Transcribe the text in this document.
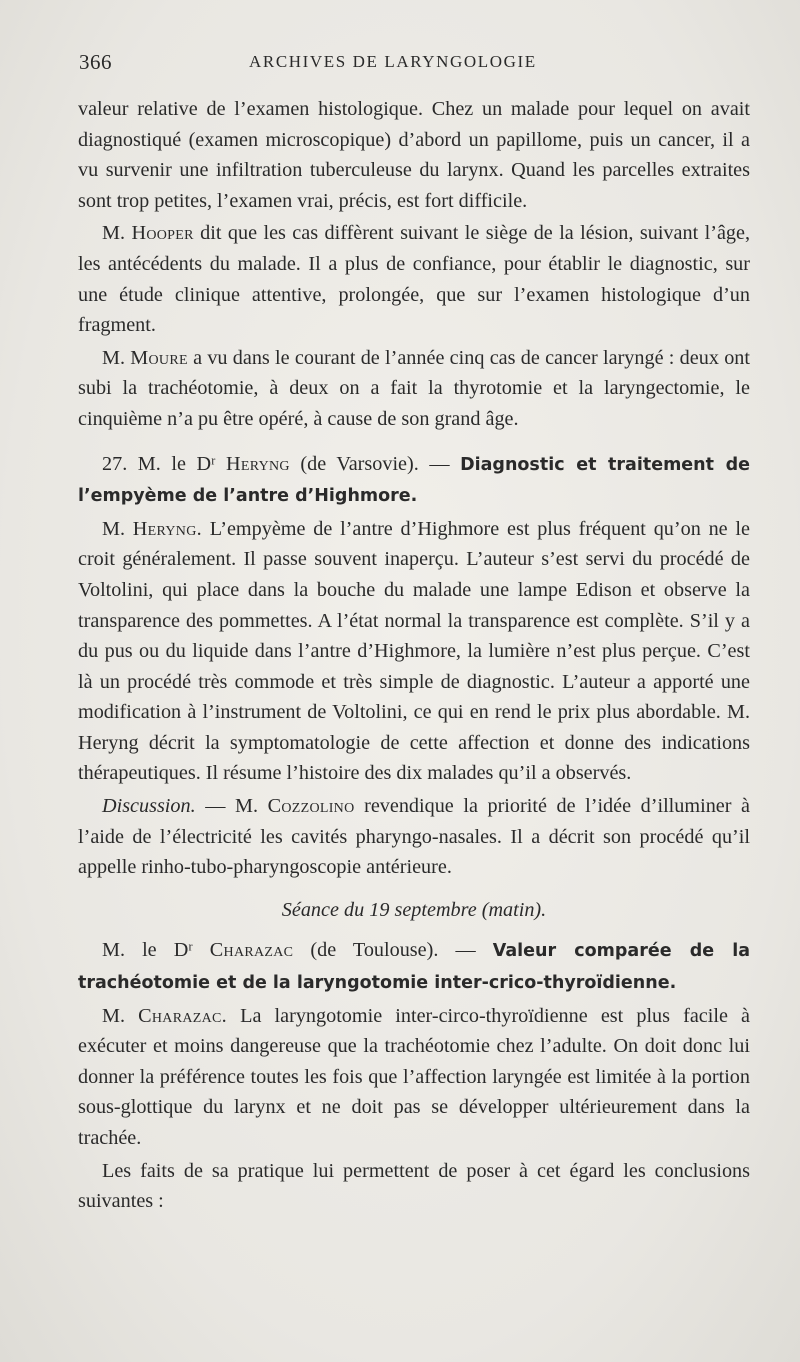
366	ARCHIVES DE LARYNGOLOGIE

valeur relative de l’examen histologique. Chez un malade pour lequel on avait diagnostiqué (examen microscopique) d’abord un papillome, puis un cancer, il a vu survenir une infiltration tuberculeuse du larynx. Quand les parcelles extraites sont trop petites, l’examen vrai, précis, est fort difficile.

M. Hooper dit que les cas diffèrent suivant le siège de la lésion, suivant l’âge, les antécédents du malade. Il a plus de confiance, pour établir le diagnostic, sur une étude clinique attentive, prolongée, que sur l’examen histologique d’un fragment.

M. Moure a vu dans le courant de l’année cinq cas de cancer laryngé : deux ont subi la trachéotomie, à deux on a fait la thyrotomie et la laryngectomie, le cinquième n’a pu être opéré, à cause de son grand âge.

27. M. le Dʳ Heryng (de Varsovie). — Diagnostic et traitement de l’empyème de l’antre d’Highmore.

M. Heryng. L’empyème de l’antre d’Highmore est plus fréquent qu’on ne le croit généralement. Il passe souvent inaperçu. L’auteur s’est servi du procédé de Voltolini, qui place dans la bouche du malade une lampe Edison et observe la transparence des pommettes. A l’état normal la transparence est complète. S’il y a du pus ou du liquide dans l’antre d’Highmore, la lumière n’est plus perçue. C’est là un procédé très commode et très simple de diagnostic. L’auteur a apporté une modification à l’instrument de Voltolini, ce qui en rend le prix plus abordable. M. Heryng décrit la symptomatologie de cette affection et donne des indications thérapeutiques. Il résume l’histoire des dix malades qu’il a observés.

Discussion. — M. Cozzolino revendique la priorité de l’idée d’illuminer à l’aide de l’électricité les cavités pharyngo-nasales. Il a décrit son procédé qu’il appelle rinho-tubo-pharyngoscopie antérieure.

Séance du 19 septembre (matin).

M. le Dʳ Charazac (de Toulouse). — Valeur comparée de la trachéotomie et de la laryngotomie inter-crico-thyroïdienne.

M. Charazac. La laryngotomie inter-circo-thyroïdienne est plus facile à exécuter et moins dangereuse que la trachéotomie chez l’adulte. On doit donc lui donner la préférence toutes les fois que l’affection laryngée est limitée à la portion sous-glottique du larynx et ne doit pas se développer ultérieurement dans la trachée.

Les faits de sa pratique lui permettent de poser à cet égard les conclusions suivantes :
